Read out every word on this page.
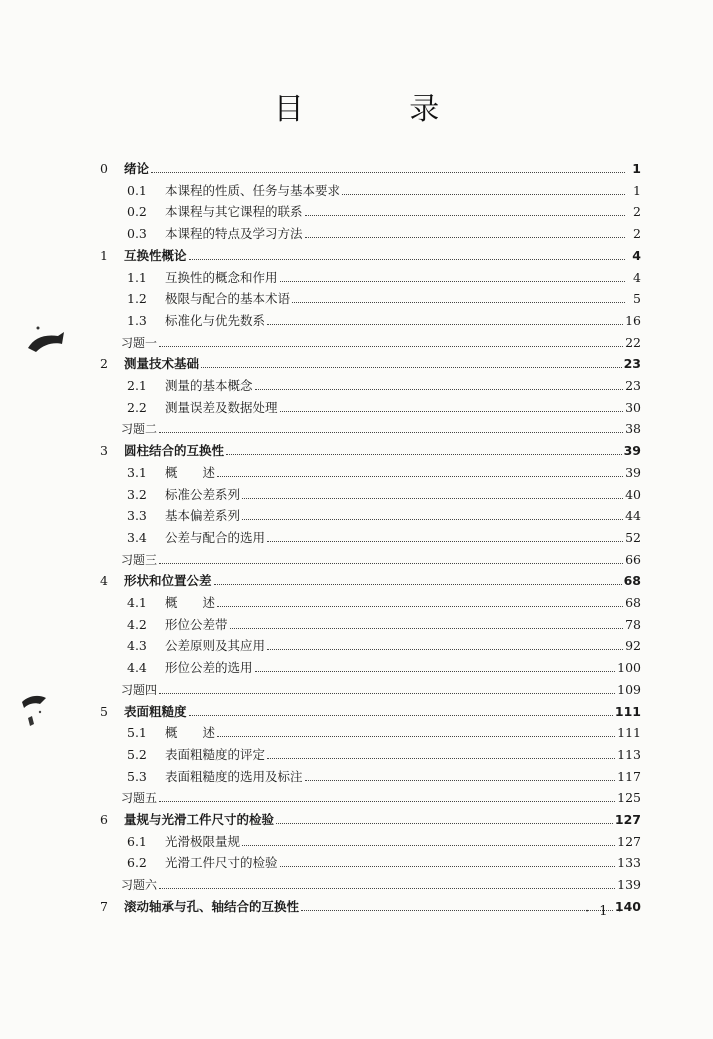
目 录
0	绪论	1
0.1	本课程的性质、任务与基本要求	1
0.2	本课程与其它课程的联系	2
0.3	本课程的特点及学习方法	2
1	互换性概论	4
1.1	互换性的概念和作用	4
1.2	极限与配合的基本术语	5
1.3	标准化与优先数系	16
习题一	22
2	测量技术基础	23
2.1	测量的基本概念	23
2.2	测量误差及数据处理	30
习题二	38
3	圆柱结合的互换性	39
3.1	概　　述	39
3.2	标准公差系列	40
3.3	基本偏差系列	44
3.4	公差与配合的选用	52
习题三	66
4	形状和位置公差	68
4.1	概　　述	68
4.2	形位公差带	78
4.3	公差原则及其应用	92
4.4	形位公差的选用	100
习题四	109
5	表面粗糙度	111
5.1	概　　述	111
5.2	表面粗糙度的评定	113
5.3	表面粗糙度的选用及标注	117
习题五	125
6	量规与光滑工件尺寸的检验	127
6.1	光滑极限量规	127
6.2	光滑工件尺寸的检验	133
习题六	139
7	滚动轴承与孔、轴结合的互换性	140
· 1 ·
